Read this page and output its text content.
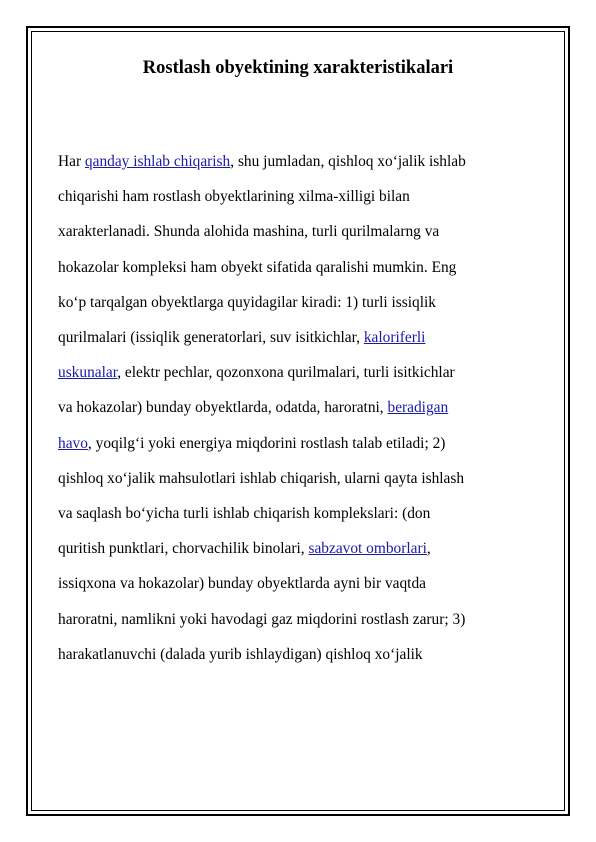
Rostlash obyektining xarakteristikalari

Har qanday ishlab chiqarish, shu jumladan, qishloq xo‘jalik ishlab

chiqarishi ham rostlash obyektlarining xilma-xilligi bilan

xarakterlanadi. Shunda alohida mashina, turli qurilmalarng va

hokazolar kompleksi ham obyekt sifatida qaralishi mumkin. Eng

ko‘p tarqalgan obyektlarga quyidagilar kiradi: 1) turli issiqlik

qurilmalari (issiqlik generatorlari, suv isitkichlar, kaloriferli

uskunalar, elektr pechlar, qozonxona qurilmalari, turli isitkichlar

va hokazolar) bunday obyektlarda, odatda, haroratni, beradigan

havo, yoqilg‘i yoki energiya miqdorini rostlash talab etiladi; 2)

qishloq xo‘jalik mahsulotlari ishlab chiqarish, ularni qayta ishlash

va saqlash bo‘yicha turli ishlab chiqarish komplekslari: (don

quritish punktlari, chorvachilik binolari, sabzavot omborlari,

issiqxona va hokazolar) bunday obyektlarda ayni bir vaqtda

haroratni, namlikni yoki havodagi gaz miqdorini rostlash zarur; 3)

harakatlanuvchi (dalada yurib ishlaydigan) qishloq xo‘jalik
